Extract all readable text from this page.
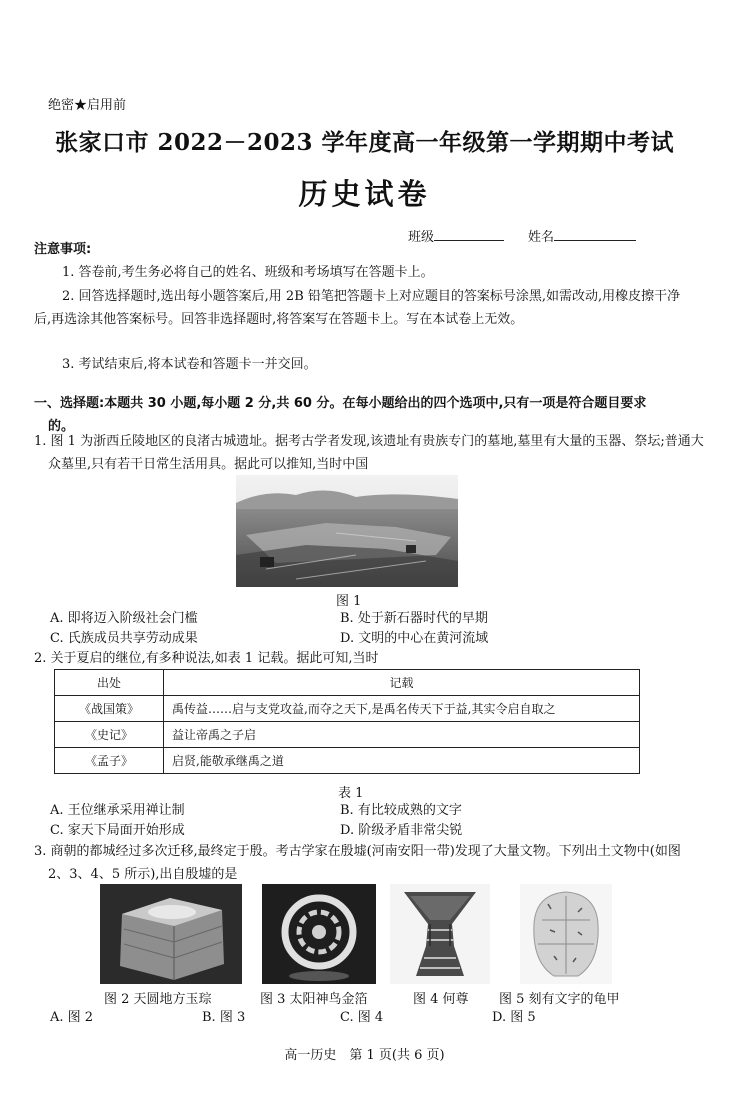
绝密★启用前
张家口市 2022－2023 学年度高一年级第一学期期中考试
历史试卷
班级	姓名
注意事项:
1. 答卷前,考生务必将自己的姓名、班级和考场填写在答题卡上。
2. 回答选择题时,选出每小题答案后,用 2B 铅笔把答题卡上对应题目的答案标号涂黑,如需改动,用橡皮擦干净后,再选涂其他答案标号。回答非选择题时,将答案写在答题卡上。写在本试卷上无效。
3. 考试结束后,将本试卷和答题卡一并交回。
一、选择题:本题共 30 小题,每小题 2 分,共 60 分。在每小题给出的四个选项中,只有一项是符合题目要求的。
1. 图 1 为浙西丘陵地区的良渚古城遗址。据考古学者发现,该遗址有贵族专门的墓地,墓里有大量的玉器、祭坛;普通大众墓里,只有若干日常生活用具。据此可以推知,当时中国
图 1
A. 即将迈入阶级社会门槛	B. 处于新石器时代的早期
C. 氏族成员共享劳动成果	D. 文明的中心在黄河流域
2. 关于夏启的继位,有多种说法,如表 1 记载。据此可知,当时
出处	记载
《战国策》	禹传益……启与支党攻益,而夺之天下,是禹名传天下于益,其实令启自取之
《史记》	益让帝禹之子启
《孟子》	启贤,能敬承继禹之道
表 1
A. 王位继承采用禅让制	B. 有比较成熟的文字
C. 家天下局面开始形成	D. 阶级矛盾非常尖锐
3. 商朝的都城经过多次迁移,最终定于殷。考古学家在殷墟(河南安阳一带)发现了大量文物。下列出土文物中(如图 2、3、4、5 所示),出自殷墟的是
图 2 天圆地方玉琮	图 3 太阳神鸟金箔	图 4 何尊 图 5 刻有文字的龟甲
A. 图 2	B. 图 3	C. 图 4	D. 图 5
高一历史　第 1 页(共 6 页)
